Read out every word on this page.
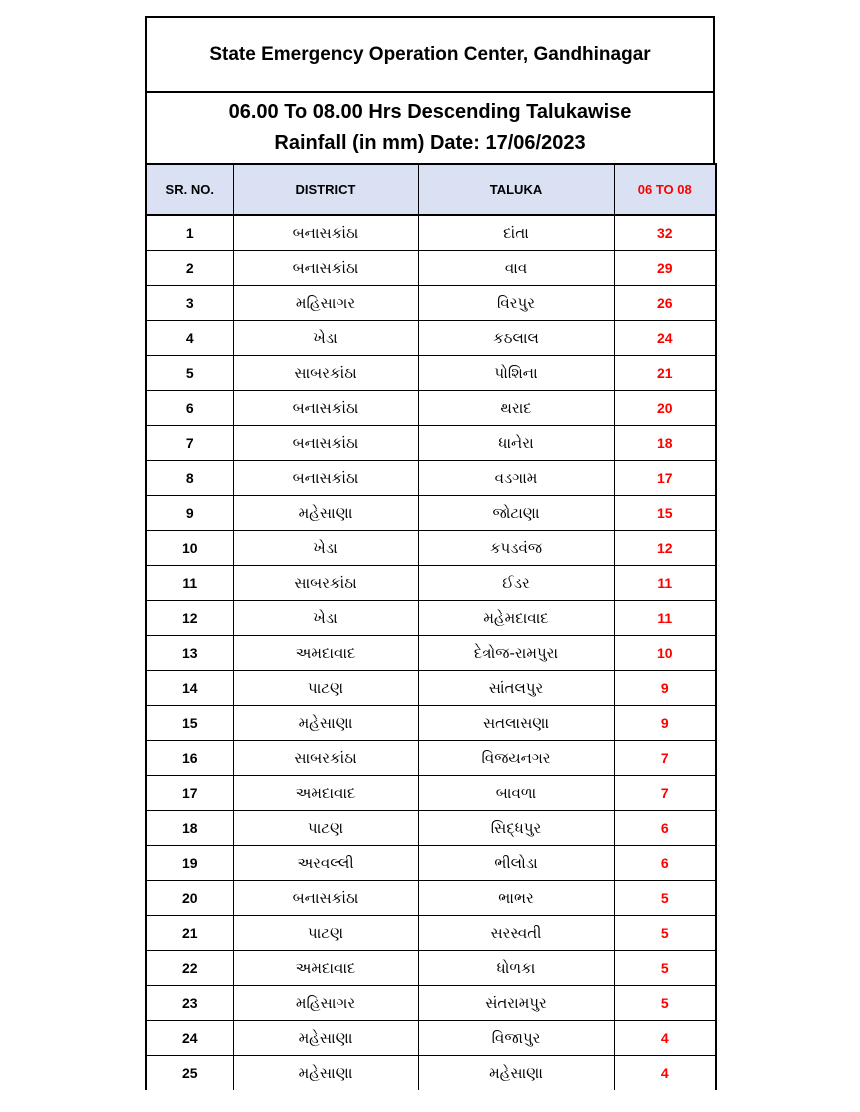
State Emergency Operation Center, Gandhinagar
06.00 To 08.00 Hrs Descending Talukawise
Rainfall (in mm) Date: 17/06/2023
SR. NO.	DISTRICT	TALUKA	06 TO 08
1	બનાસકાંઠા	દાંતા	32
2	બનાસકાંઠા	વાવ	29
3	મહિસાગર	વિરપુર	26
4	ખેડા	કઠલાલ	24
5	સાબરકાંઠા	પોશિના	21
6	બનાસકાંઠા	થરાદ	20
7	બનાસકાંઠા	ધાનેરા	18
8	બનાસકાંઠા	વડગામ	17
9	મહેસાણા	જોટાણા	15
10	ખેડા	કપડવંજ	12
11	સાબરકાંઠા	ઈડર	11
12	ખેડા	મહેમદાવાદ	11
13	અમદાવાદ	દેત્રોજ-રામપુરા	10
14	પાટણ	સાંતલપુર	9
15	મહેસાણા	સતલાસણા	9
16	સાબરકાંઠા	વિજયનગર	7
17	અમદાવાદ	બાવળા	7
18	પાટણ	સિદ્ધપુર	6
19	અરવલ્લી	ભીલોડા	6
20	બનાસકાંઠા	ભાભર	5
21	પાટણ	સરસ્વતી	5
22	અમદાવાદ	ધોળકા	5
23	મહિસાગર	સંતરામપુર	5
24	મહેસાણા	વિજાપુર	4
25	મહેસાણા	મહેસાણા	4
